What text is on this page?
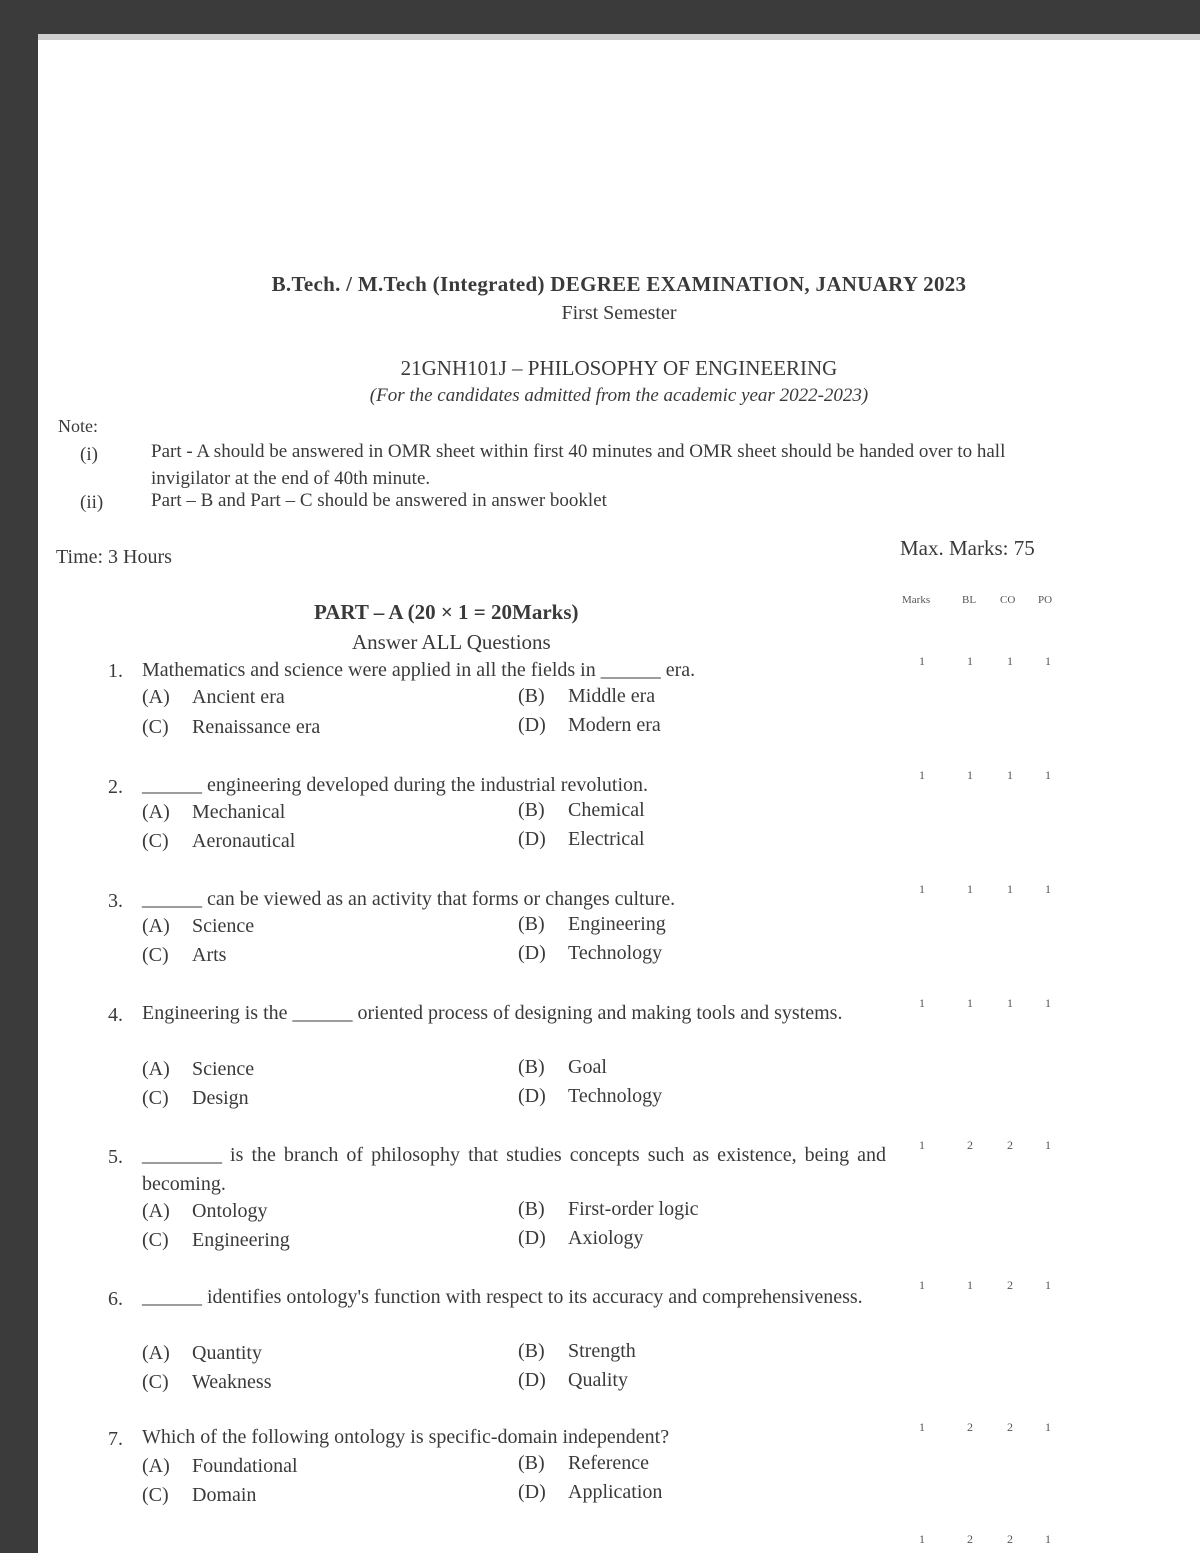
B.Tech. / M.Tech (Integrated) DEGREE EXAMINATION, JANUARY 2023
First Semester
21GNH101J – PHILOSOPHY OF ENGINEERING
(For the candidates admitted from the academic year 2022-2023)
Note:
(i)	Part - A should be answered in OMR sheet within first 40 minutes and OMR sheet should be handed over to hall invigilator at the end of 40th minute.
(ii)	Part – B and Part – C should be answered in answer booklet
Time: 3 Hours	Max. Marks: 75
Marks	BL CO PO
PART – A (20 × 1 = 20Marks)
Answer ALL Questions
1. Mathematics and science were applied in all the fields in ______ era.
(A) Ancient era	(B) Middle era
(C) Renaissance era	(D) Modern era
1	1	1	1
2. ______ engineering developed during the industrial revolution.
(A) Mechanical	(B) Chemical
(C) Aeronautical	(D) Electrical
1	1	1	1
3. ______ can be viewed as an activity that forms or changes culture.
(A) Science	(B) Engineering
(C) Arts	(D) Technology
1	1	1	1
4. Engineering is the ______ oriented process of designing and making tools and systems.
(A) Science	(B) Goal
(C) Design	(D) Technology
1	1	1	1
5. ________ is the branch of philosophy that studies concepts such as existence, being and becoming.
(A) Ontology	(B) First-order logic
(C) Engineering	(D) Axiology
1	2	2	1
6. ______ identifies ontology's function with respect to its accuracy and comprehensiveness.
(A) Quantity	(B) Strength
(C) Weakness	(D) Quality
1	1	2	1
7. Which of the following ontology is specific-domain independent?
(A) Foundational	(B) Reference
(C) Domain	(D) Application
1	2	2	1
1	2	2	1
